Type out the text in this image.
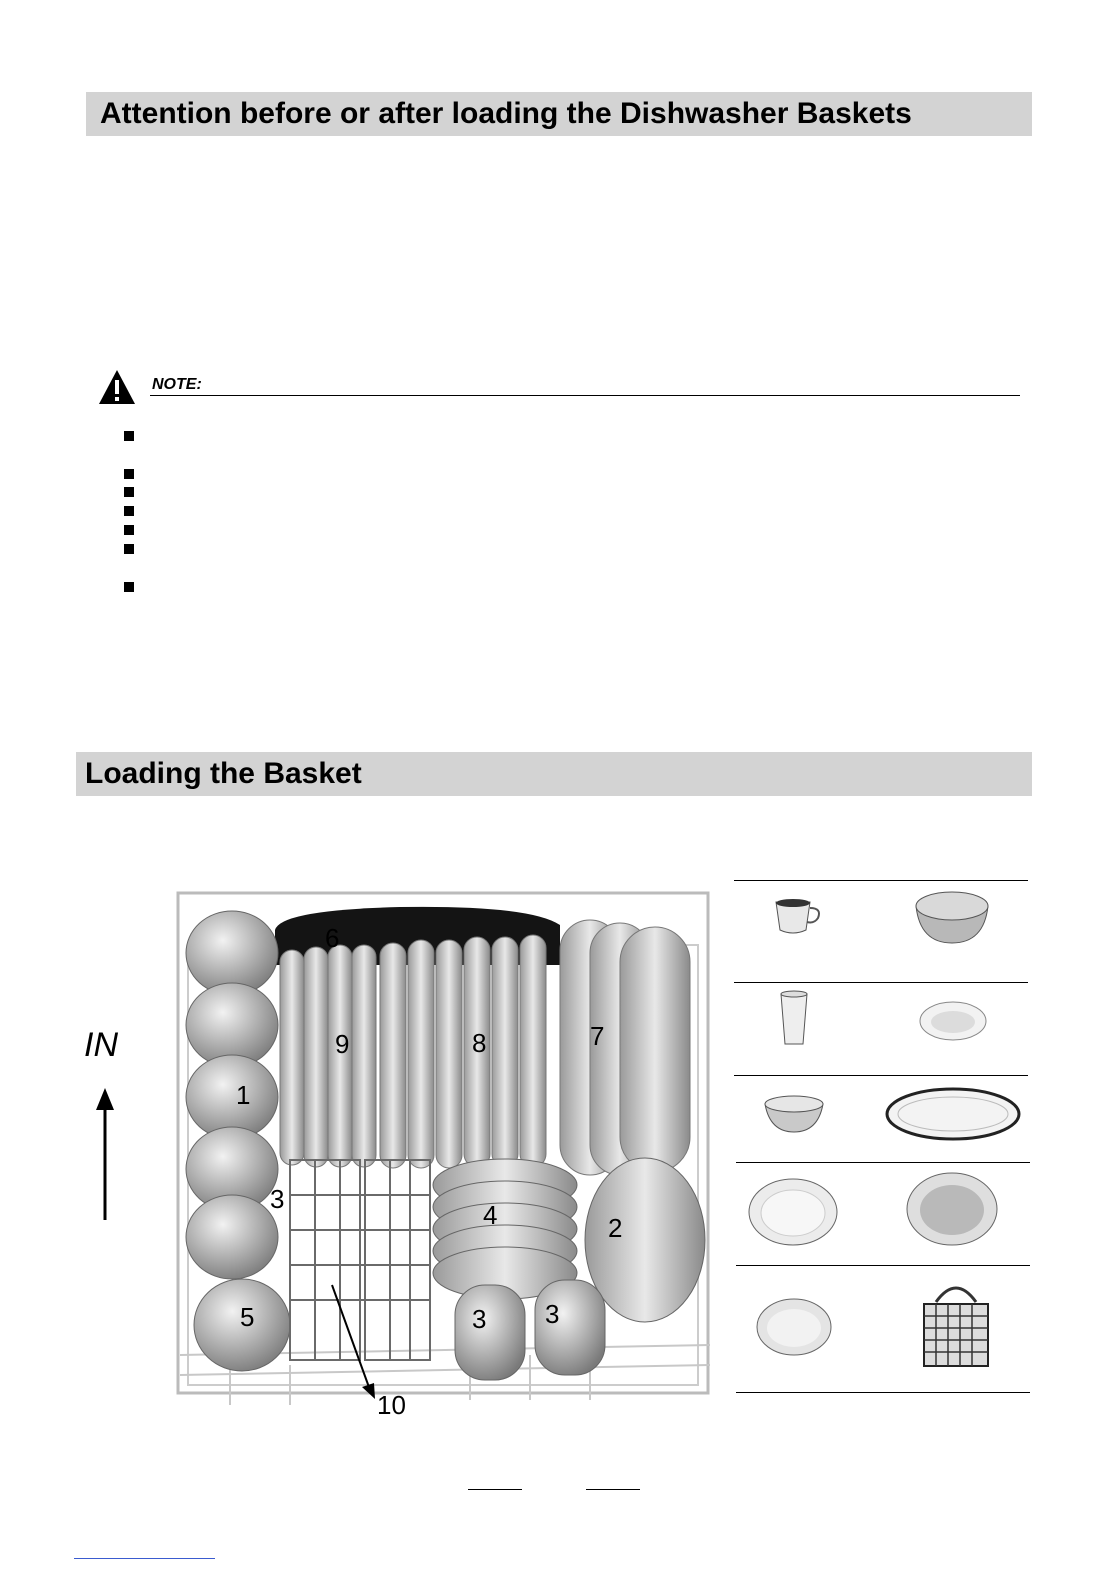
Attention before or after loading the Dishwasher Baskets
NOTE:
Loading the Basket
IN
6
9	8	7
1
3
4	2
5	3 3
10
